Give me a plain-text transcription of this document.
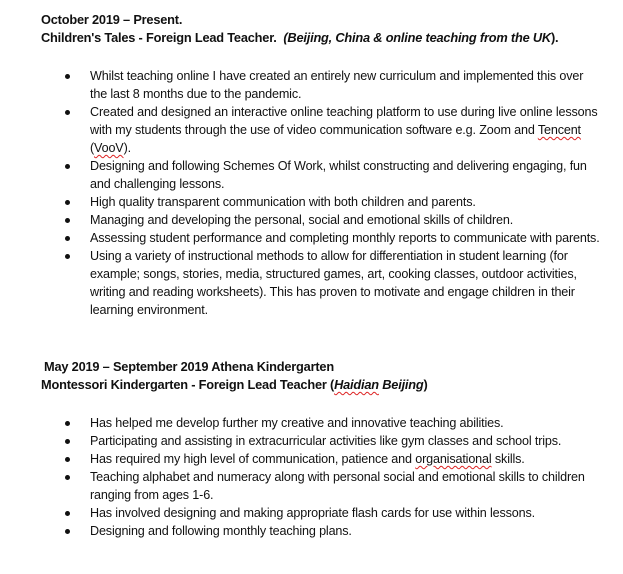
October 2019 – Present.
Children's Tales - Foreign Lead Teacher. (Beijing, China & online teaching from the UK).
Whilst teaching online I have created an entirely new curriculum and implemented this over the last 8 months due to the pandemic.
Created and designed an interactive online teaching platform to use during live online lessons with my students through the use of video communication software e.g. Zoom and Tencent (VooV).
Designing and following Schemes Of Work, whilst constructing and delivering engaging, fun and challenging lessons.
High quality transparent communication with both children and parents.
Managing and developing the personal, social and emotional skills of children.
Assessing student performance and completing monthly reports to communicate with parents.
Using a variety of instructional methods to allow for differentiation in student learning (for example; songs, stories, media, structured games, art, cooking classes, outdoor activities, writing and reading worksheets). This has proven to motivate and engage children in their learning environment.
May 2019 – September 2019 Athena Kindergarten
Montessori Kindergarten - Foreign Lead Teacher (Haidian Beijing)
Has helped me develop further my creative and innovative teaching abilities.
Participating and assisting in extracurricular activities like gym classes and school trips.
Has required my high level of communication, patience and organisational skills.
Teaching alphabet and numeracy along with personal social and emotional skills to children ranging from ages 1-6.
Has involved designing and making appropriate flash cards for use within lessons.
Designing and following monthly teaching plans.
